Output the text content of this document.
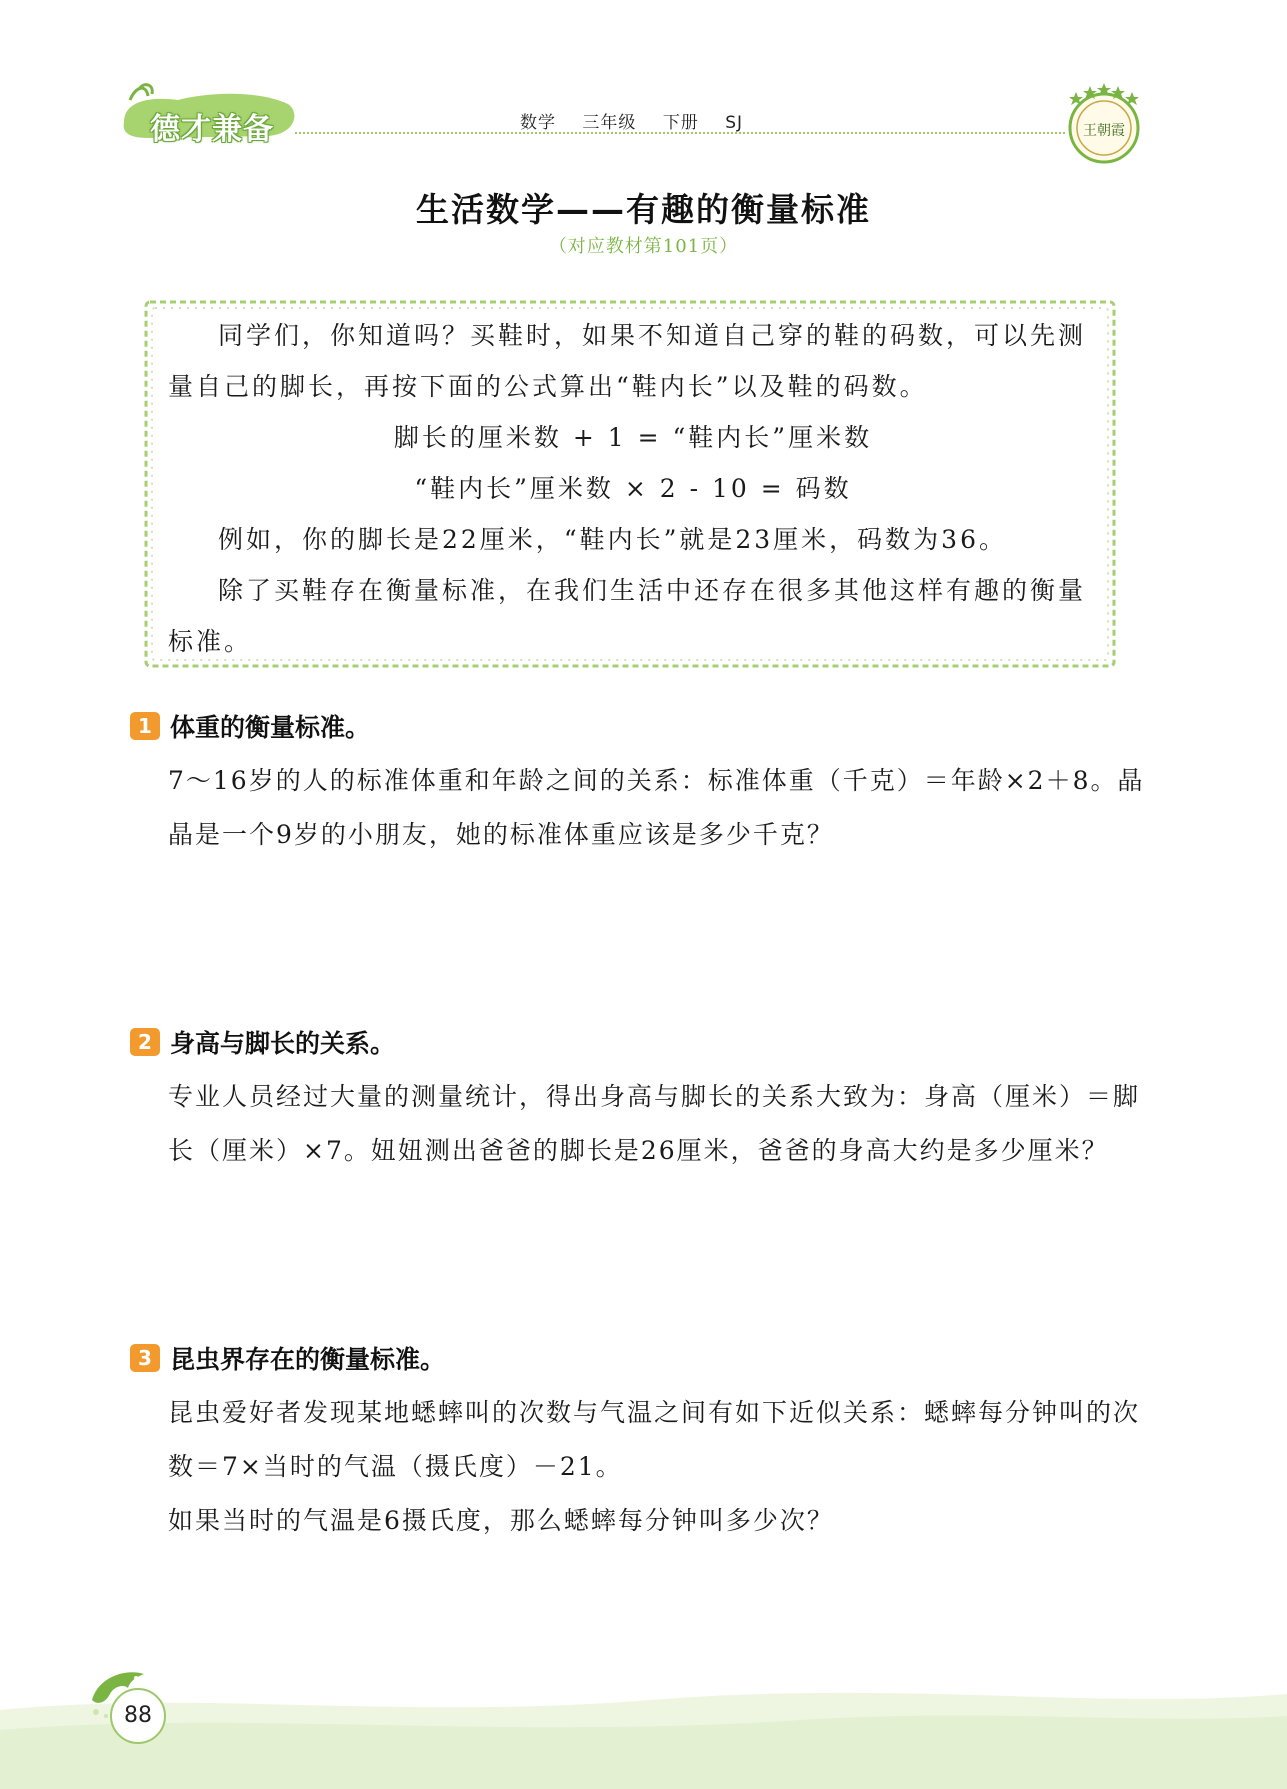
德才兼备	数学 三年级 下册 SJ	王朝霞
生活数学——有趣的衡量标准
（对应教材第101页）

同学们，你知道吗？买鞋时，如果不知道自己穿的鞋的码数，可以先测量自己的脚长，再按下面的公式算出“鞋内长”以及鞋的码数。

脚长的厘米数 + 1 = “鞋内长”厘米数

“鞋内长”厘米数 × 2 - 10 = 码数

例如，你的脚长是22厘米，“鞋内长”就是23厘米，码数为36。

除了买鞋存在衡量标准，在我们生活中还存在很多其他这样有趣的衡量标准。

1 体重的衡量标准。

7～16岁的人的标准体重和年龄之间的关系：标准体重（千克）＝年龄×2＋8。晶晶是一个9岁的小朋友，她的标准体重应该是多少千克？

2 身高与脚长的关系。

专业人员经过大量的测量统计，得出身高与脚长的关系大致为：身高（厘米）＝脚长（厘米）×7。妞妞测出爸爸的脚长是26厘米，爸爸的身高大约是多少厘米？

3 昆虫界存在的衡量标准。

昆虫爱好者发现某地蟋蟀叫的次数与气温之间有如下近似关系：蟋蟀每分钟叫的次数＝7×当时的气温（摄氏度）－21。

如果当时的气温是6摄氏度，那么蟋蟀每分钟叫多少次？

88
